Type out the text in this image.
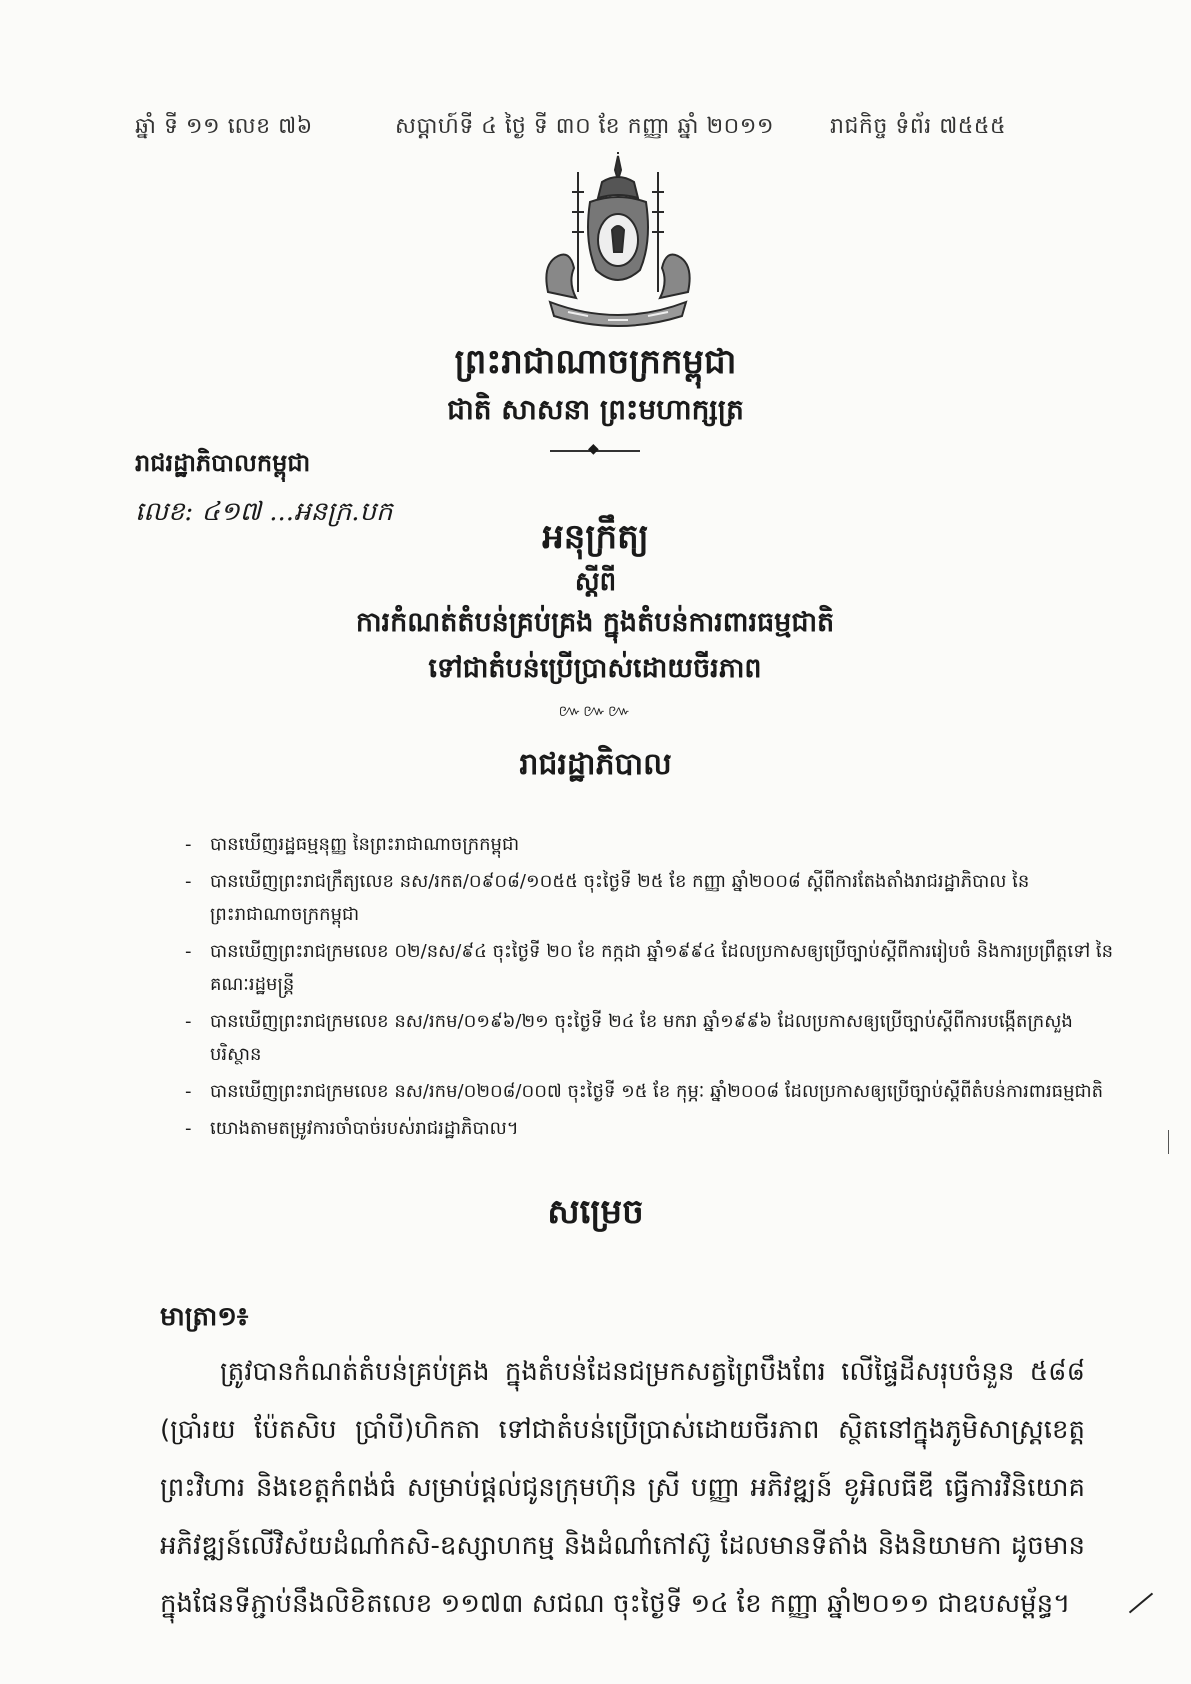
ឆ្នាំ ទី ១១ លេខ ៧៦	សប្តាហ៍ទី ៤ ថ្ងៃ ទី ៣០ ខែ កញ្ញា ឆ្នាំ ២០១១	រាជកិច្ច ទំព័រ ៧៥៥៥
ព្រះរាជាណាចក្រកម្ពុជា
ជាតិ សាសនា ព្រះមហាក្សត្រ
◆
រាជរដ្ឋាភិបាលកម្ពុជា
លេខ: ៤១៧ ...អនក្រ.បក
អនុក្រឹត្យ
ស្តីពី
ការកំណត់តំបន់គ្រប់គ្រង ក្នុងតំបន់ការពារធម្មជាតិ
ទៅជាតំបន់ប្រើប្រាស់ដោយចីរភាព
៚៚៚
រាជរដ្ឋាភិបាល
- បានឃើញរដ្ឋធម្មនុញ្ញ នៃព្រះរាជាណាចក្រកម្ពុជា
- បានឃើញព្រះរាជក្រឹត្យលេខ នស/រកត/០៩០៨/១០៥៥ ចុះថ្ងៃទី ២៥ ខែ កញ្ញា ឆ្នាំ២០០៨ ស្តីពីការតែងតាំងរាជរដ្ឋាភិបាល នៃព្រះរាជាណាចក្រកម្ពុជា
- បានឃើញព្រះរាជក្រមលេខ ០២/នស/៩៤ ចុះថ្ងៃទី ២០ ខែ កក្កដា ឆ្នាំ១៩៩៤ ដែលប្រកាសឲ្យប្រើច្បាប់ស្តីពីការរៀបចំ និងការប្រព្រឹត្តទៅ នៃគណៈរដ្ឋមន្ត្រី
- បានឃើញព្រះរាជក្រមលេខ នស/រកម/០១៩៦/២១ ចុះថ្ងៃទី ២៤ ខែ មករា ឆ្នាំ១៩៩៦ ដែលប្រកាសឲ្យប្រើច្បាប់ស្តីពីការបង្កើតក្រសួងបរិស្ថាន
- បានឃើញព្រះរាជក្រមលេខ នស/រកម/០២០៨/០០៧ ចុះថ្ងៃទី ១៥ ខែ កុម្ភៈ ឆ្នាំ២០០៨ ដែលប្រកាសឲ្យប្រើច្បាប់ស្តីពីតំបន់ការពារធម្មជាតិ
- យោងតាមតម្រូវការចាំបាច់របស់រាជរដ្ឋាភិបាល។
សម្រេច
មាត្រា១៖
ត្រូវបានកំណត់តំបន់គ្រប់គ្រង ក្នុងតំបន់ដែនជម្រកសត្វព្រៃបឹងពែរ លើផ្ទៃដីសរុបចំនួន ៥៨៨ (ប្រាំរយ ប៉ែតសិប ប្រាំបី)ហិកតា ទៅជាតំបន់ប្រើប្រាស់ដោយចីរភាព ស្ថិតនៅក្នុងភូមិសាស្ត្រខេត្តព្រះវិហារ និងខេត្តកំពង់ធំ សម្រាប់ផ្តល់ជូនក្រុមហ៊ុន ស្រី បញ្ញា អភិវឌ្ឍន៍ ខូអិលធីឌី ធ្វើការវិនិយោគ អភិវឌ្ឍន៍លើវិស័យដំណាំកសិ-ឧស្សាហកម្ម និងដំណាំកៅស៊ូ ដែលមានទីតាំង និងនិយាមកា ដូចមានក្នុងផែនទីភ្ជាប់នឹងលិខិតលេខ ១១៧៣ សជណ ចុះថ្ងៃទី ១៤ ខែ កញ្ញា ឆ្នាំ២០១១ ជាឧបសម្ព័ន្ធ។
